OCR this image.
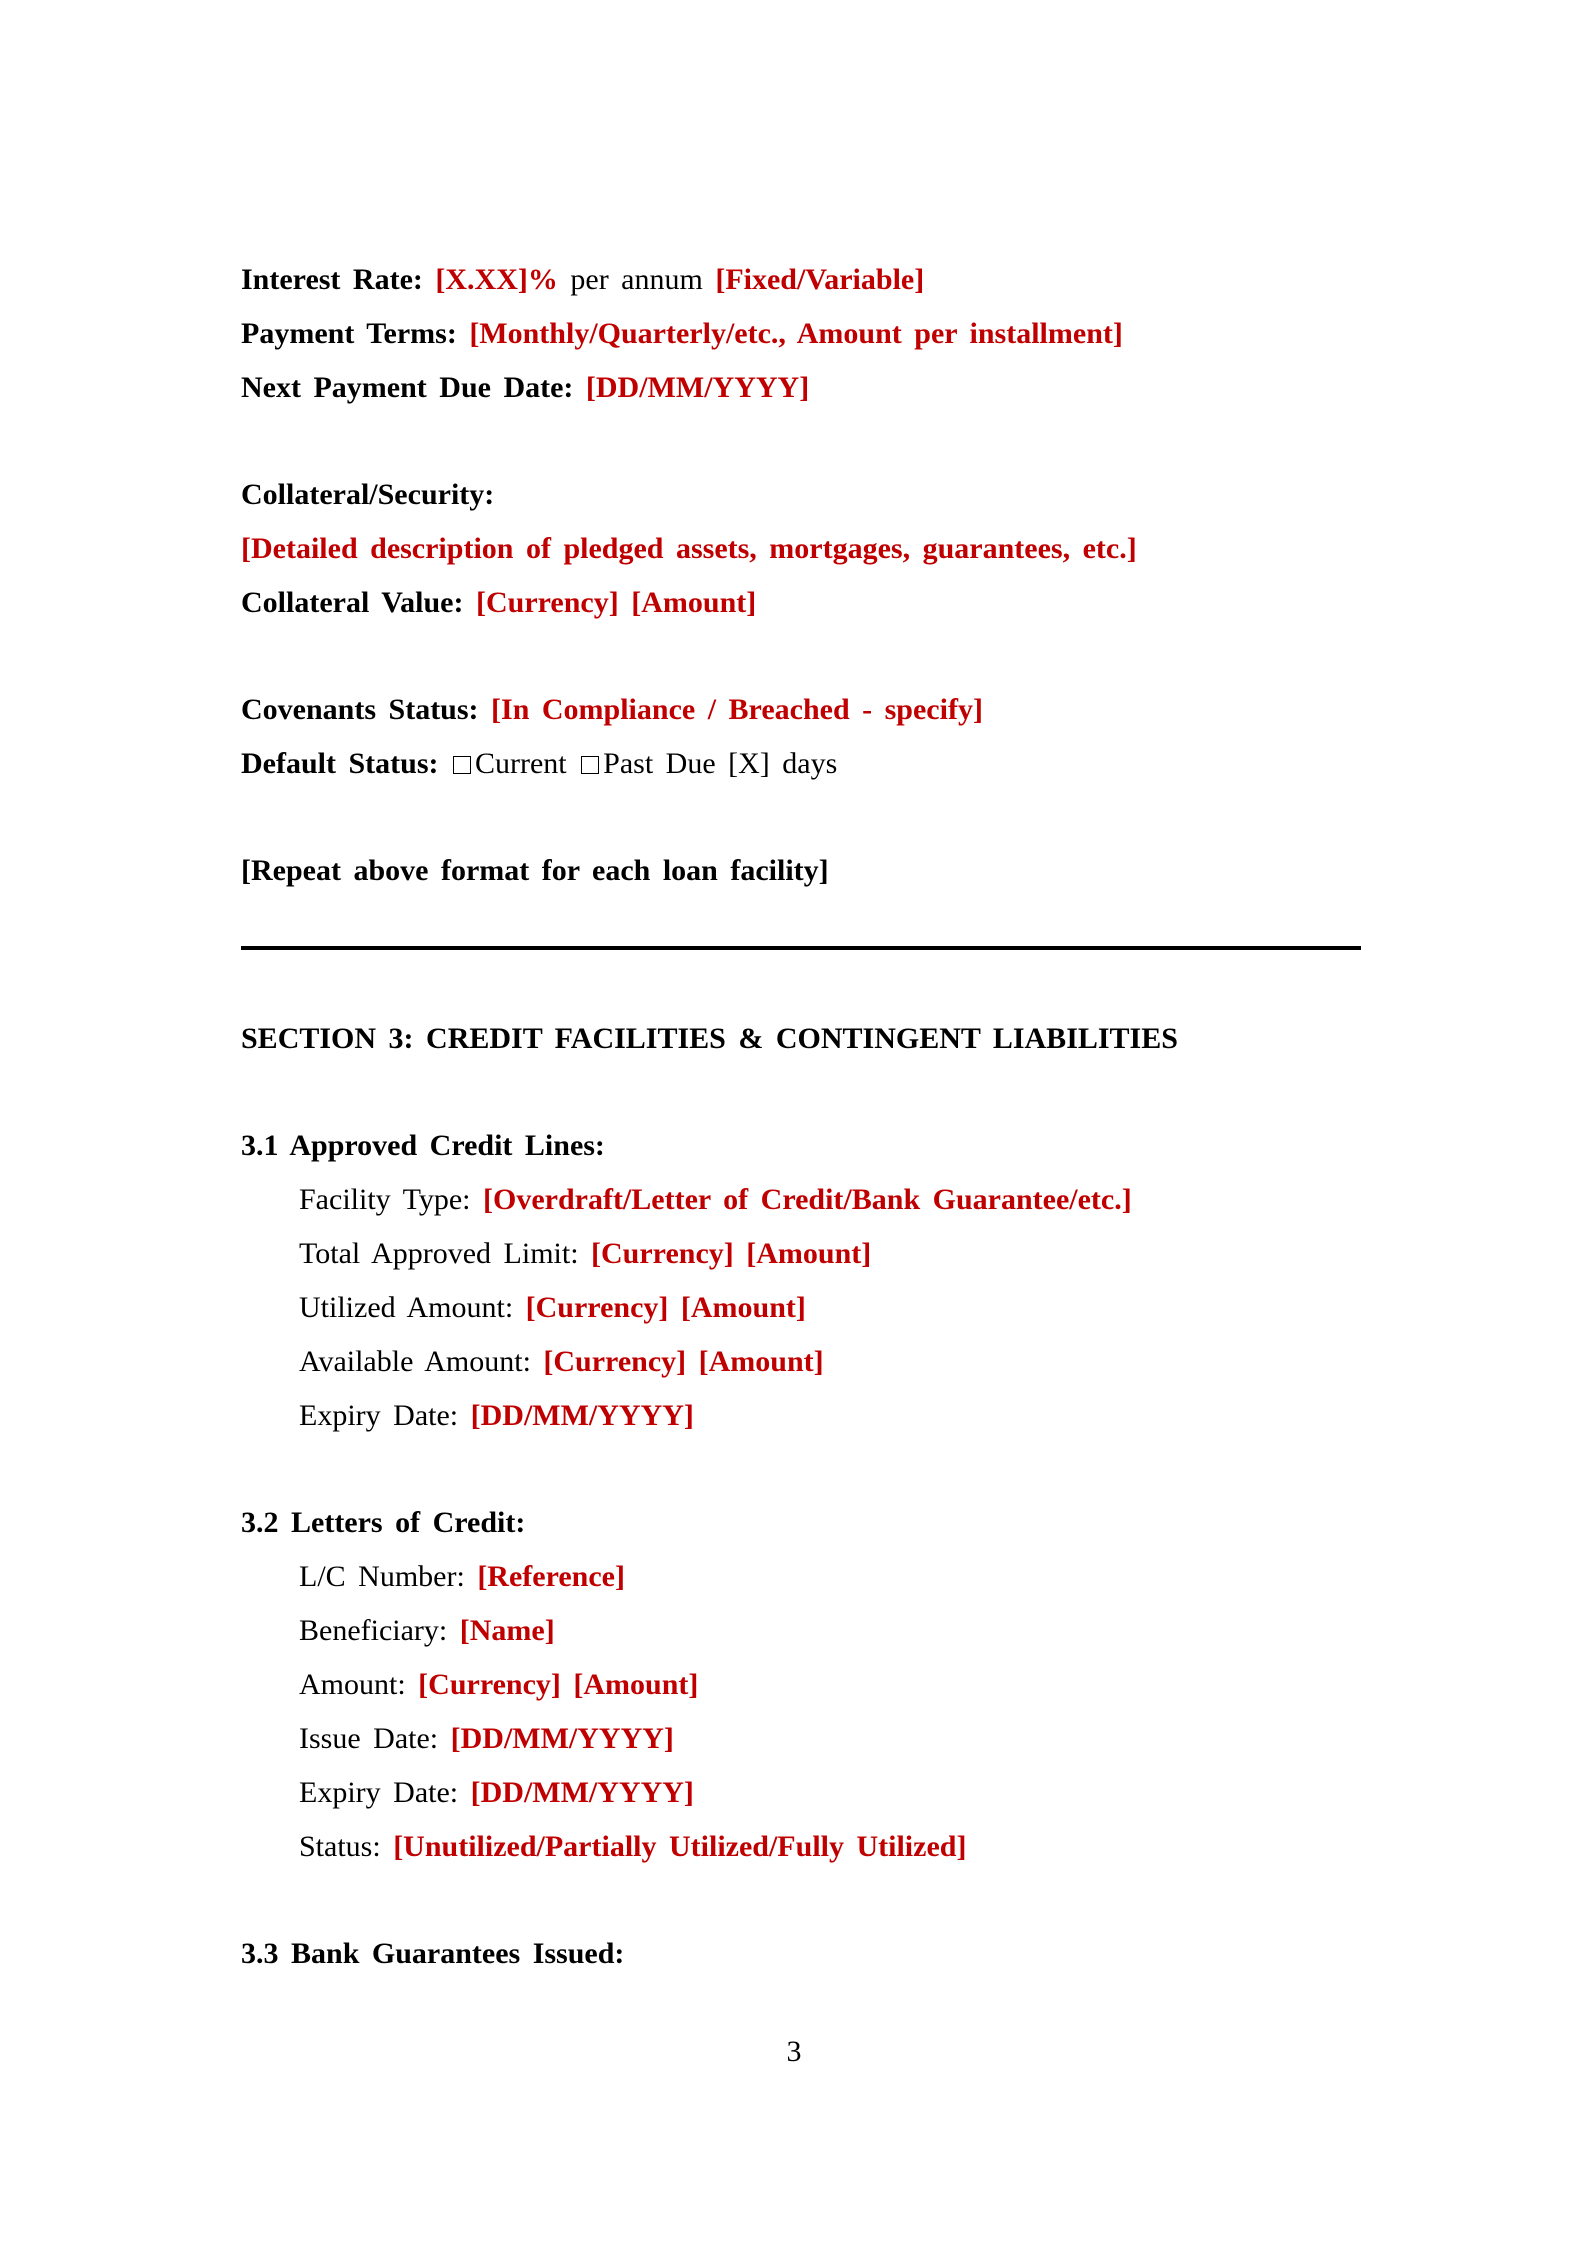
Interest Rate: [X.XX]% per annum [Fixed/Variable]
Payment Terms: [Monthly/Quarterly/etc., Amount per installment]
Next Payment Due Date: [DD/MM/YYYY]
Collateral/Security:
[Detailed description of pledged assets, mortgages, guarantees, etc.]
Collateral Value: [Currency] [Amount]
Covenants Status: [In Compliance / Breached - specify]
Default Status: Current Past Due [X] days
[Repeat above format for each loan facility]
SECTION 3: CREDIT FACILITIES & CONTINGENT LIABILITIES
3.1 Approved Credit Lines:
Facility Type: [Overdraft/Letter of Credit/Bank Guarantee/etc.]
Total Approved Limit: [Currency] [Amount]
Utilized Amount: [Currency] [Amount]
Available Amount: [Currency] [Amount]
Expiry Date: [DD/MM/YYYY]
3.2 Letters of Credit:
L/C Number: [Reference]
Beneficiary: [Name]
Amount: [Currency] [Amount]
Issue Date: [DD/MM/YYYY]
Expiry Date: [DD/MM/YYYY]
Status: [Unutilized/Partially Utilized/Fully Utilized]
3.3 Bank Guarantees Issued:
3
